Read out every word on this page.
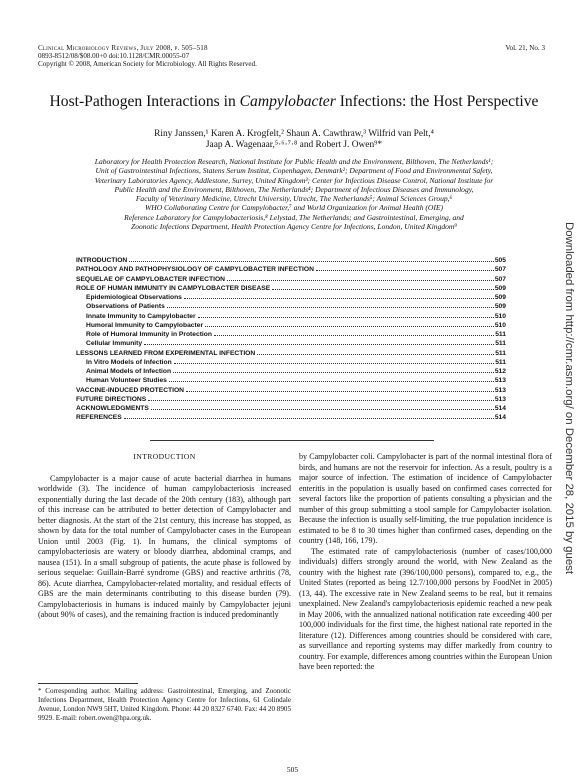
Clinical Microbiology Reviews, July 2008, p. 505–518
0893-8512/08/$08.00+0 doi:10.1128/CMR.00055-07
Copyright © 2008, American Society for Microbiology. All Rights Reserved.
Vol. 21, No. 3
Host-Pathogen Interactions in Campylobacter Infections: the Host Perspective
Riny Janssen,¹ Karen A. Krogfelt,² Shaun A. Cawthraw,³ Wilfrid van Pelt,⁴
Jaap A. Wagenaar,⁵·⁶·⁷·⁸ and Robert J. Owen⁹*
Laboratory for Health Protection Research, National Institute for Public Health and the Environment, Bilthoven, The Netherlands¹;
Unit of Gastrointestinal Infections, Statens Serum Institut, Copenhagen, Denmark²; Department of Food and Environmental Safety,
Veterinary Laboratories Agency, Addlestone, Surrey, United Kingdom³; Center for Infectious Disease Control, National Institute for
Public Health and the Environment, Bilthoven, The Netherlands⁴; Department of Infectious Diseases and Immunology,
Faculty of Veterinary Medicine, Utrecht University, Utrecht, The Netherlands⁵; Animal Sciences Group,⁶
WHO Collaborating Centre for Campylobacter,⁷ and World Organization for Animal Health (OIE)
Reference Laboratory for Campylobacteriosis,⁸ Lelystad, The Netherlands; and Gastrointestinal, Emerging, and
Zoonotic Infections Department, Health Protection Agency Centre for Infections, London, United Kingdom⁹
INTRODUCTION	505
PATHOLOGY AND PATHOPHYSIOLOGY OF CAMPYLOBACTER INFECTION	507
SEQUELAE OF CAMPYLOBACTER INFECTION	507
ROLE OF HUMAN IMMUNITY IN CAMPYLOBACTER DISEASE	509
Epidemiological Observations	509
Observations of Patients	509
Innate Immunity to Campylobacter	510
Humoral Immunity to Campylobacter	510
Role of Humoral Immunity in Protection	511
Cellular Immunity	511
LESSONS LEARNED FROM EXPERIMENTAL INFECTION	511
In Vitro Models of Infection	511
Animal Models of Infection	512
Human Volunteer Studies	513
VACCINE-INDUCED PROTECTION	513
FUTURE DIRECTIONS	513
ACKNOWLEDGMENTS	514
REFERENCES	514
INTRODUCTION

Campylobacter is a major cause of acute bacterial diarrhea in humans worldwide (3). The incidence of human campylobacteriosis increased exponentially during the last decade of the 20th century (183), although part of this increase can be attributed to better detection of Campylobacter and better diagnosis. At the start of the 21st century, this increase has stopped, as shown by data for the total number of Campylobacter cases in the European Union until 2003 (Fig. 1). In humans, the clinical symptoms of campylobacteriosis are watery or bloody diarrhea, abdominal cramps, and nausea (151). In a small subgroup of patients, the acute phase is followed by serious sequelae: Guillain-Barré syndrome (GBS) and reactive arthritis (78, 86). Acute diarrhea, Campylobacter-related mortality, and residual effects of GBS are the main determinants contributing to this disease burden (79). Campylobacteriosis in humans is induced mainly by Campylobacter jejuni (about 90% of cases), and the remaining fraction is induced predominantly

by Campylobacter coli. Campylobacter is part of the normal intestinal flora of birds, and humans are not the reservoir for infection. As a result, poultry is a major source of infection. The estimation of incidence of Campylobacter enteritis in the population is usually based on confirmed cases corrected for several factors like the proportion of patients consulting a physician and the number of this group submitting a stool sample for Campylobacter isolation. Because the infection is usually self-limiting, the true population incidence is estimated to be 8 to 30 times higher than confirmed cases, depending on the country (148, 166, 179).

The estimated rate of campylobacteriosis (number of cases/100,000 individuals) differs strongly around the world, with New Zealand as the country with the highest rate (396/100,000 persons), compared to, e.g., the United States (reported as being 12.7/100,000 persons by FoodNet in 2005) (13, 44). The excessive rate in New Zealand seems to be real, but it remains unexplained. New Zealand's campylobacteriosis epidemic reached a new peak in May 2006, with the annualized national notification rate exceeding 400 per 100,000 individuals for the first time, the highest national rate reported in the literature (12). Differences among countries should be considered with care, as surveillance and reporting systems may differ markedly from country to country. For example, differences among countries within the European Union have been reported: the

* Corresponding author. Mailing address: Gastrointestinal, Emerging, and Zoonotic Infections Department, Health Protection Agency Centre for Infections, 61 Colindale Avenue, London NW9 5HT, United Kingdom. Phone: 44 20 8327 6740. Fax: 44 20 8905 9929. E-mail: robert.owen@hpa.org.uk.
505
Downloaded from http://cmr.asm.org/ on December 28, 2015 by guest
